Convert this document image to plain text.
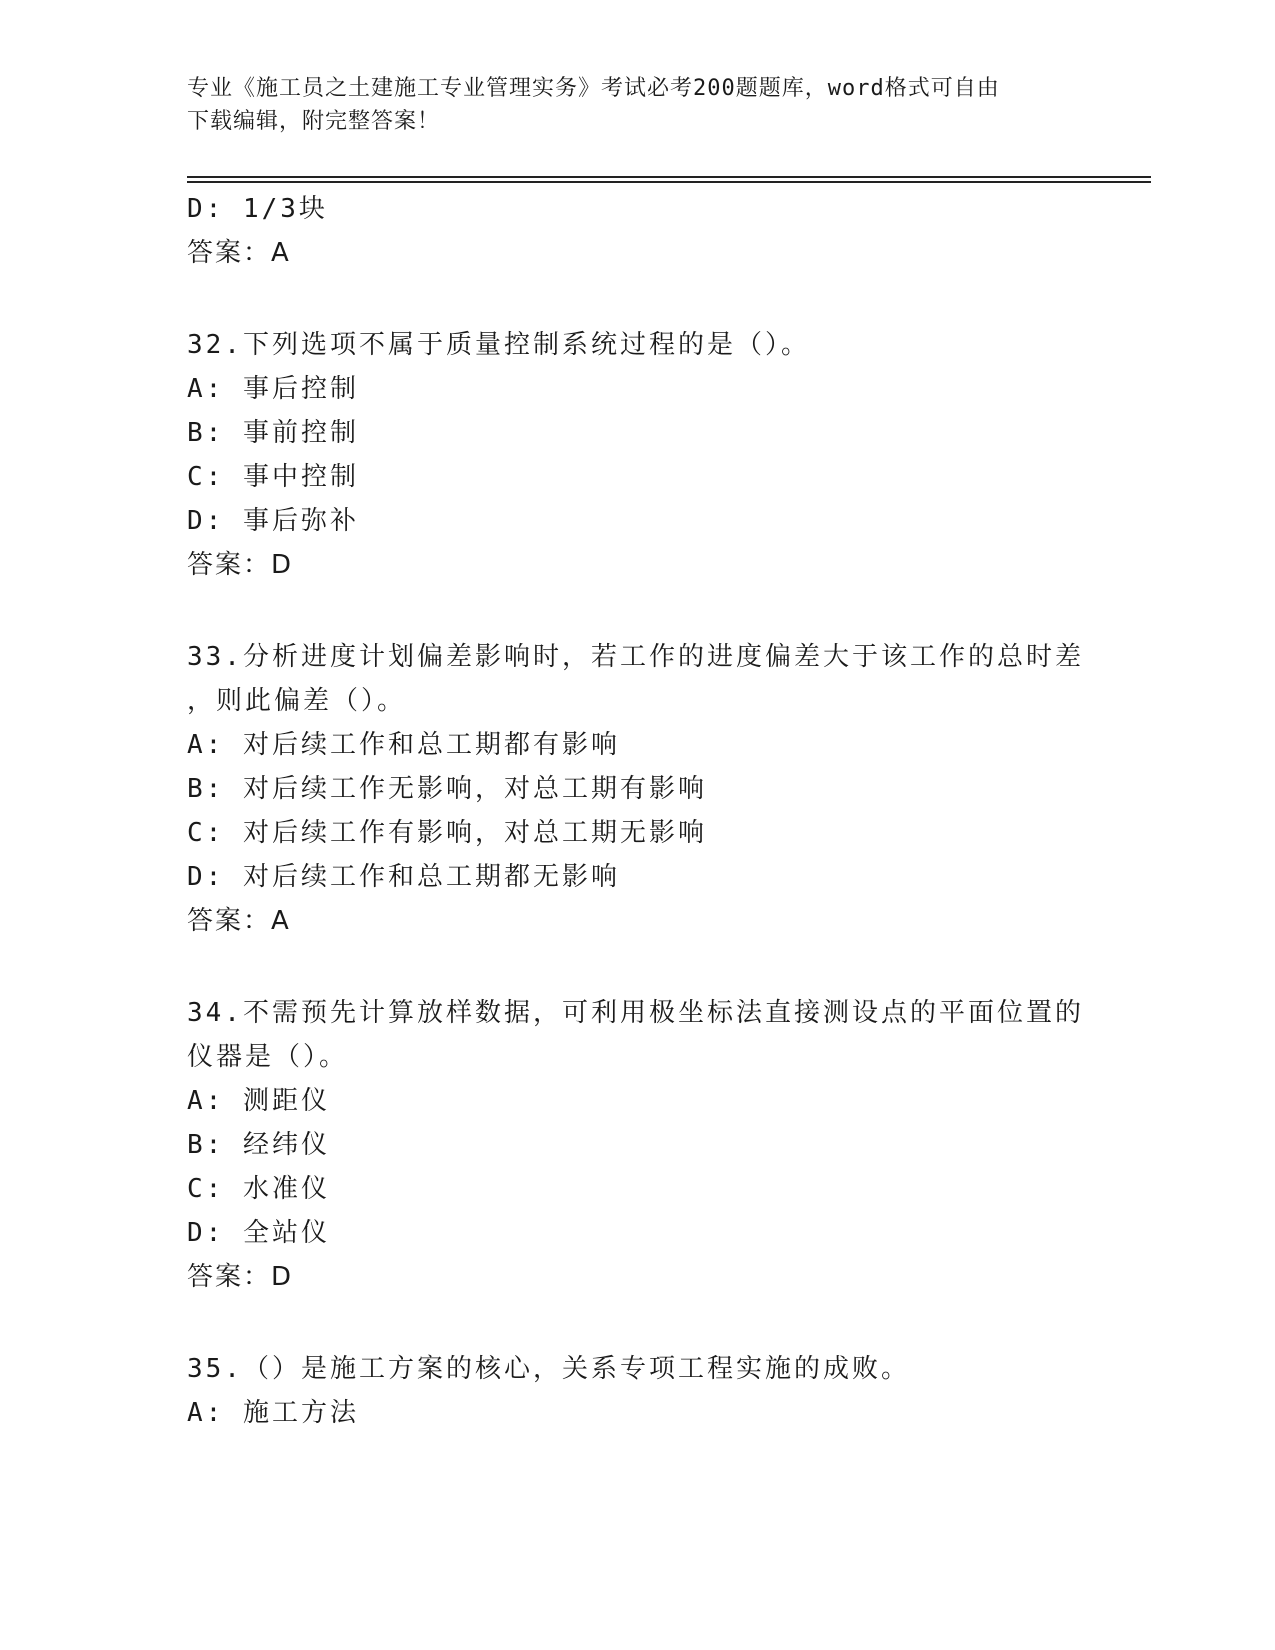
专业《施工员之土建施工专业管理实务》考试必考200题题库，word格式可自由
下载编辑，附完整答案！
D: 1/3块
答案：A
32.下列选项不属于质量控制系统过程的是（）。
A: 事后控制
B: 事前控制
C: 事中控制
D: 事后弥补
答案：D
33.分析进度计划偏差影响时，若工作的进度偏差大于该工作的总时差
，则此偏差（）。
A: 对后续工作和总工期都有影响
B: 对后续工作无影响，对总工期有影响
C: 对后续工作有影响，对总工期无影响
D: 对后续工作和总工期都无影响
答案：A
34.不需预先计算放样数据，可利用极坐标法直接测设点的平面位置的
仪器是（）。
A: 测距仪
B: 经纬仪
C: 水准仪
D: 全站仪
答案：D
35.（）是施工方案的核心，关系专项工程实施的成败。
A: 施工方法
